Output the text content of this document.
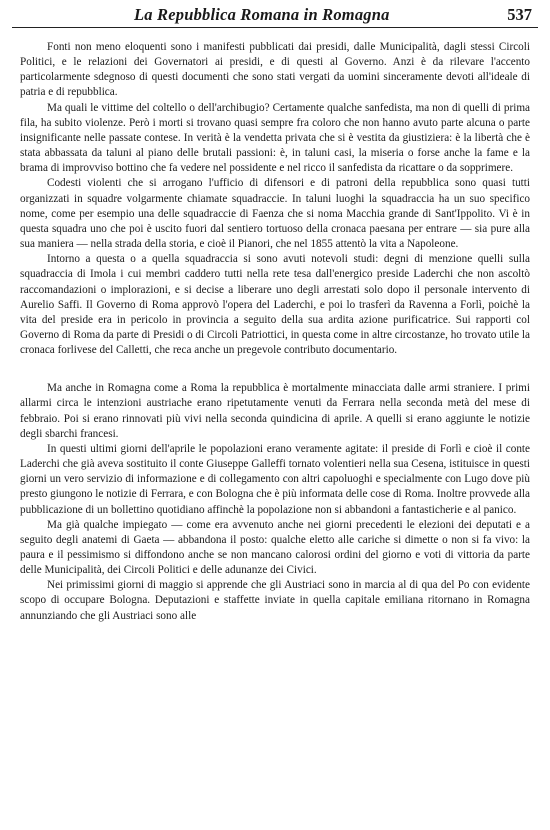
La Repubblica Romana in Romagna	537

Fonti non meno eloquenti sono i manifesti pubblicati dai presidi, dalle Municipalità, dagli stessi Circoli Politici, e le relazioni dei Governatori ai presidi, e di questi al Governo. Anzi è da rilevare l'accento particolarmente sdegnoso di questi documenti che sono stati vergati da uomini sinceramente devoti all'ideale di patria e di repubblica.

Ma quali le vittime del coltello o dell'archibugio? Certamente qualche sanfedista, ma non di quelli di prima fila, ha subito violenze. Però i morti si trovano quasi sempre fra coloro che non hanno avuto parte alcuna o parte insignificante nelle passate contese. In verità è la vendetta privata che si è vestita da giustiziera: è la libertà che è stata abbassata da taluni al piano delle brutali passioni: è, in taluni casi, la miseria o forse anche la fame e la brama di improvviso bottino che fa vedere nel possidente e nel ricco il sanfedista da ricattare o da sopprimere.

Codesti violenti che si arrogano l'ufficio di difensori e di patroni della repubblica sono quasi tutti organizzati in squadre volgarmente chiamate squadraccie. In taluni luoghi la squadraccia ha un suo specifico nome, come per esempio una delle squadraccie di Faenza che si noma Macchia grande di Sant'Ippolito. Vi è in questa squadra uno che poi è uscito fuori dal sentiero tortuoso della cronaca paesana per entrare — sia pure alla sua maniera — nella strada della storia, e cioè il Pianori, che nel 1855 attentò la vita a Napoleone.

Intorno a questa o a quella squadraccia si sono avuti notevoli studi: degni di menzione quelli sulla squadraccia di Imola i cui membri caddero tutti nella rete tesa dall'energico preside Laderchi che non ascoltò raccomandazioni o implorazioni, e si decise a liberare uno degli arrestati solo dopo il personale intervento di Aurelio Saffi. Il Governo di Roma approvò l'opera del Laderchi, e poi lo trasferì da Ravenna a Forlì, poichè la vita del preside era in pericolo in provincia a seguito della sua ardita azione purificatrice. Sui rapporti col Governo di Roma da parte di Presidi o di Circoli Patriottici, in questa come in altre circostanze, ho trovato utile la cronaca forlivese del Calletti, che reca anche un pregevole contributo documentario.

Ma anche in Romagna come a Roma la repubblica è mortalmente minacciata dalle armi straniere. I primi allarmi circa le intenzioni austriache erano ripetutamente venuti da Ferrara nella seconda metà del mese di febbraio. Poi si erano rinnovati più vivi nella seconda quindicina di aprile. A quelli si erano aggiunte le notizie degli sbarchi francesi.

In questi ultimi giorni dell'aprile le popolazioni erano veramente agitate: il preside di Forlì e cioè il conte Laderchi che già aveva sostituito il conte Giuseppe Galleffi tornato volentieri nella sua Cesena, istituisce in questi giorni un vero servizio di informazione e di collegamento con altri capoluoghi e specialmente con Lugo dove più presto giungono le notizie di Ferrara, e con Bologna che è più informata delle cose di Roma. Inoltre provvede alla pubblicazione di un bollettino quotidiano affinchè la popolazione non si abbandoni a fantasticherie e al panico.

Ma già qualche impiegato — come era avvenuto anche nei giorni precedenti le elezioni dei deputati e a seguito degli anatemi di Gaeta — abbandona il posto: qualche eletto alle cariche si dimette o non si fa vivo: la paura e il pessimismo si diffondono anche se non mancano calorosi ordini del giorno e voti di vittoria da parte delle Municipalità, dei Circoli Politici e delle adunanze dei Civici.

Nei primissimi giorni di maggio si apprende che gli Austriaci sono in marcia al di qua del Po con evidente scopo di occupare Bologna. Deputazioni e staffette inviate in quella capitale emiliana ritornano in Romagna annunziando che gli Austriaci sono alle
